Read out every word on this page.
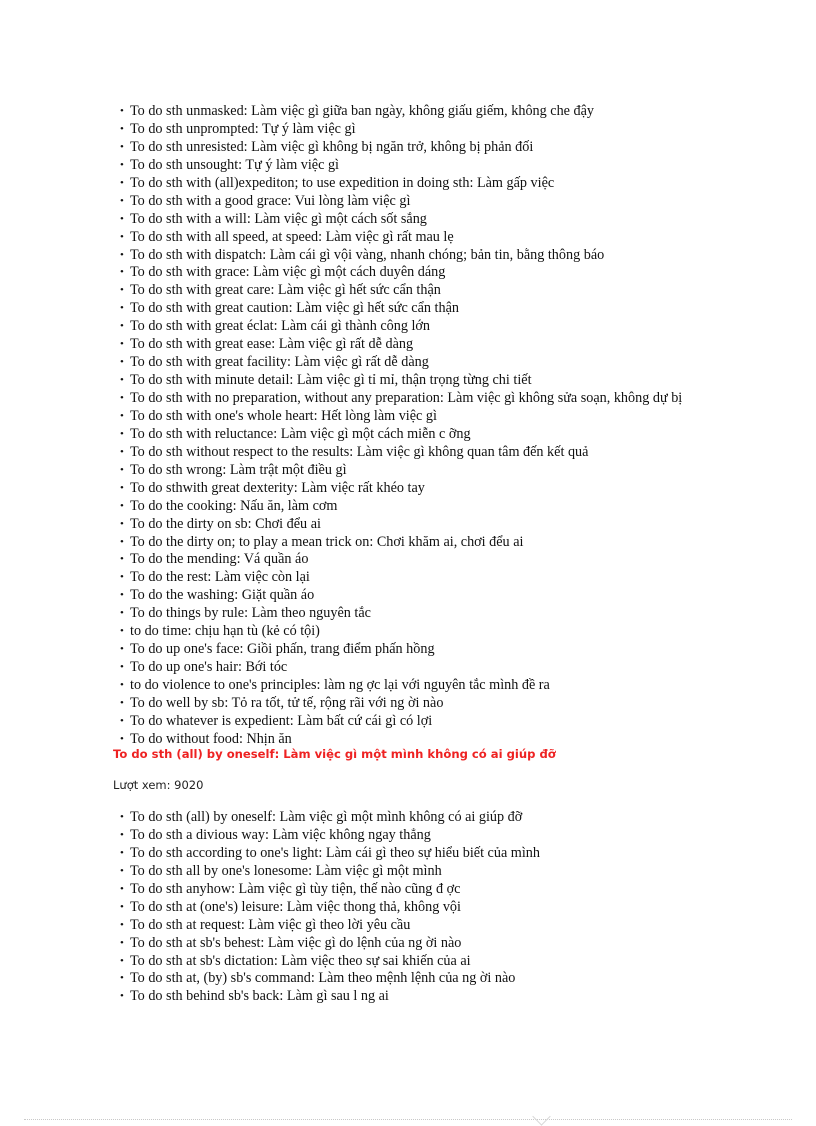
• To do sth unmasked: Làm việc gì giữa ban ngày, không giấu giếm, không che đậy
• To do sth unprompted: Tự ý làm việc gì
• To do sth unresisted: Làm việc gì không bị ngăn trở, không bị phản đối
• To do sth unsought: Tự ý làm việc gì
• To do sth with (all)expediton; to use expedition in doing sth: Làm gấp việc
• To do sth with a good grace: Vui lòng làm việc gì
• To do sth with a will: Làm việc gì một cách sốt sắng
• To do sth with all speed, at speed: Làm việc gì rất mau lẹ
• To do sth with dispatch: Làm cái gì vội vàng, nhanh chóng; bản tin, bằng thông báo
• To do sth with grace: Làm việc gì một cách duyên dáng
• To do sth with great care: Làm việc gì hết sức cẩn thận
• To do sth with great caution: Làm việc gì hết sức cẩn thận
• To do sth with great éclat: Làm cái gì thành công lớn
• To do sth with great ease: Làm việc gì rất dễ dàng
• To do sth with great facility: Làm việc gì rất dễ dàng
• To do sth with minute detail: Làm việc gì tỉ mỉ, thận trọng từng chi tiết
• To do sth with no preparation, without any preparation: Làm việc gì không sửa soạn, không dự bị
• To do sth with one's whole heart: Hết lòng làm việc gì
• To do sth with reluctance: Làm việc gì một cách miễn c ỡng
• To do sth without respect to the results: Làm việc gì không quan tâm đến kết quả
• To do sth wrong: Làm trật một điều gì
• To do sthwith great dexterity: Làm việc rất khéo tay
• To do the cooking: Nấu ăn, làm cơm
• To do the dirty on sb: Chơi đểu ai
• To do the dirty on; to play a mean trick on: Chơi khăm ai, chơi đểu ai
• To do the mending: Vá quần áo
• To do the rest: Làm việc còn lại
• To do the washing: Giặt quần áo
• To do things by rule: Làm theo nguyên tắc
• to do time: chịu hạn tù (kẻ có tội)
• To do up one's face: Giồi phấn, trang điểm phấn hồng
• To do up one's hair: Bới tóc
• to do violence to one's principles: làm ng ợc lại với nguyên tắc mình đề ra
• To do well by sb: Tỏ ra tốt, tử tế, rộng rãi với ng ời nào
• To do whatever is expedient: Làm bất cứ cái gì có lợi
• To do without food: Nhịn ăn
To do sth (all) by oneself: Làm việc gì một mình không có ai giúp đỡ
Lượt xem: 9020
• To do sth (all) by oneself: Làm việc gì một mình không có ai giúp đỡ
• To do sth a divious way: Làm việc không ngay thẳng
• To do sth according to one's light: Làm cái gì theo sự hiểu biết của mình
• To do sth all by one's lonesome: Làm việc gì một mình
• To do sth anyhow: Làm việc gì tùy tiện, thế nào cũng đ ợc
• To do sth at (one's) leisure: Làm việc thong thả, không vội
• To do sth at request: Làm việc gì theo lời yêu cầu
• To do sth at sb's behest: Làm việc gì do lệnh của ng ời nào
• To do sth at sb's dictation: Làm việc theo sự sai khiến của ai
• To do sth at, (by) sb's command: Làm theo mệnh lệnh của ng ời nào
• To do sth behind sb's back: Làm gì sau l ng ai
